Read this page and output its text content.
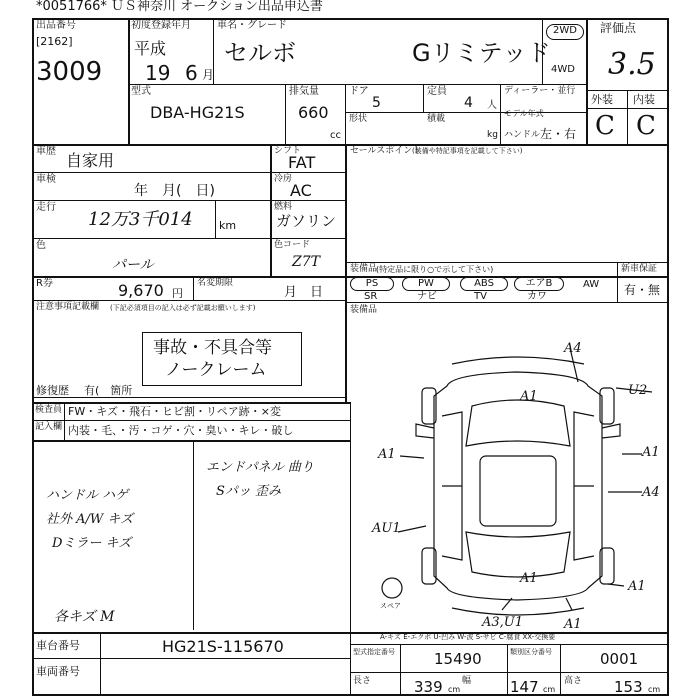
*0051766* ＵＳ神奈川 オークション出品申込書
出品番号
[2162]
3009
初度登録年月
平成
19 6 月
車名・グレード
セルボ	Gリミテッド
2WD
4WD
型式
DBA-HG21S
排気量
660
cc
ドア
5
定員
4 人
ディーラー・並行
モデル年式
形状	積載
kg ハンドル 左・右
評価点
3.5
外装 内装
C C
車歴 自家用
車検
年　月(　日)
走行
12万3千014 km
色
パール
R券	9,670 円
名変期限
月　日
シフト
FAT
冷房
AC
燃料
ガソリン
色コード
Z7T
注意事項記載欄 (下記必須項目の記入は必ず記載お願いします)
事故・不具合等
ノークレーム
修復歴 有(　箇所
セールスポイント
(装備や特記事項を記載して下さい)
装備品
(特定品に限り○で示して下さい)
PS	PW	ABS	エアB	AW
SR	ナビ	TV	カワ
新車保証
有・無
装備品
検査員
記入欄
FW・キズ・飛石・ヒビ割・リペア跡・×変
内装・毛、・汚・コゲ・穴・臭い・キレ・破し
エンドパネル 曲り
Sパッ 歪み
ハンドル ハゲ
社外 A/W キズ
Dミラー キズ
各キズ M
A4
A1	U2
A1	A1
A4
AU1
A1
A1
A3,U1	A1
スペア
A-キズ E-エクボ U-凹み W-波 S-サビ C-腐食 XX-交換要
車台番号	HG21S-115670
車両番号
型式指定番号	15490	類別区分番号	0001
長さ	339 cm
幅	147 cm
高さ 153 cm
